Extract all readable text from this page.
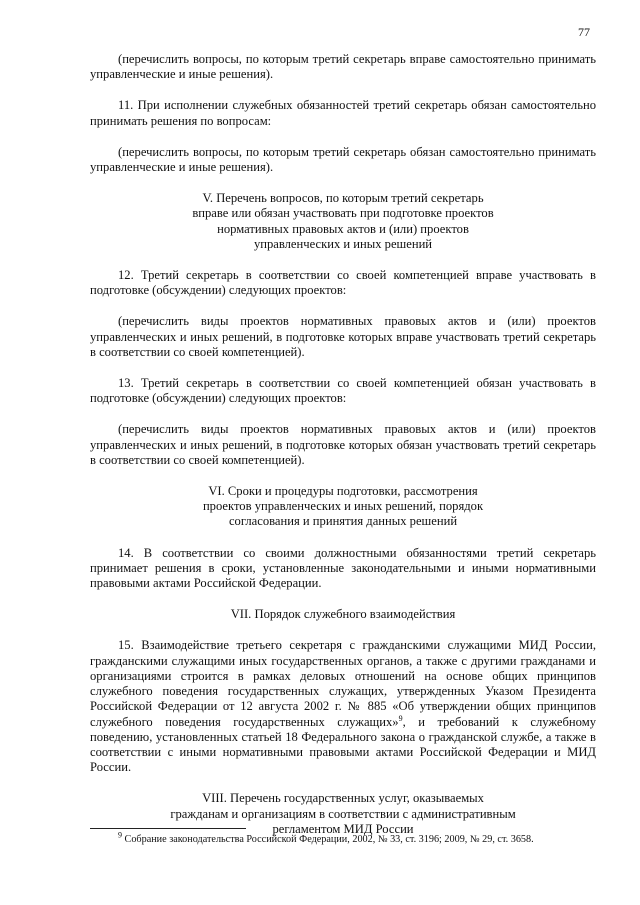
77

(перечислить вопросы, по которым третий секретарь вправе самостоятельно принимать управленческие и иные решения).

11. При исполнении служебных обязанностей третий секретарь обязан самостоятельно принимать решения по вопросам:

(перечислить вопросы, по которым третий секретарь обязан самостоятельно принимать управленческие и иные решения).

V. Перечень вопросов, по которым третий секретарь
вправе или обязан участвовать при подготовке проектов
нормативных правовых актов и (или) проектов
управленческих и иных решений

12. Третий секретарь в соответствии со своей компетенцией вправе участвовать в подготовке (обсуждении) следующих проектов:

(перечислить виды проектов нормативных правовых актов и (или) проектов управленческих и иных решений, в подготовке которых вправе участвовать третий секретарь в соответствии со своей компетенцией).

13. Третий секретарь в соответствии со своей компетенцией обязан участвовать в подготовке (обсуждении) следующих проектов:

(перечислить виды проектов нормативных правовых актов и (или) проектов управленческих и иных решений, в подготовке которых обязан участвовать третий секретарь в соответствии со своей компетенцией).

VI. Сроки и процедуры подготовки, рассмотрения
проектов управленческих и иных решений, порядок
согласования и принятия данных решений

14. В соответствии со своими должностными обязанностями третий секретарь принимает решения в сроки, установленные законодательными и иными нормативными правовыми актами Российской Федерации.

VII. Порядок служебного взаимодействия

15. Взаимодействие третьего секретаря с гражданскими служащими МИД России, гражданскими служащими иных государственных органов, а также с другими гражданами и организациями строится в рамках деловых отношений на основе общих принципов служебного поведения государственных служащих, утвержденных Указом Президента Российской Федерации от 12 августа 2002 г. № 885 «Об утверждении общих принципов служебного поведения государственных служащих»$^9$, и требований к служебному поведению, установленных статьей 18 Федерального закона о гражданской службе, а также в соответствии с иными нормативными правовыми актами Российской Федерации и МИД России.

VIII. Перечень государственных услуг, оказываемых
гражданам и организациям в соответствии с административным
регламентом МИД России

$^9$ Собрание законодательства Российской Федерации, 2002, № 33, ст. 3196; 2009, № 29, ст. 3658.
